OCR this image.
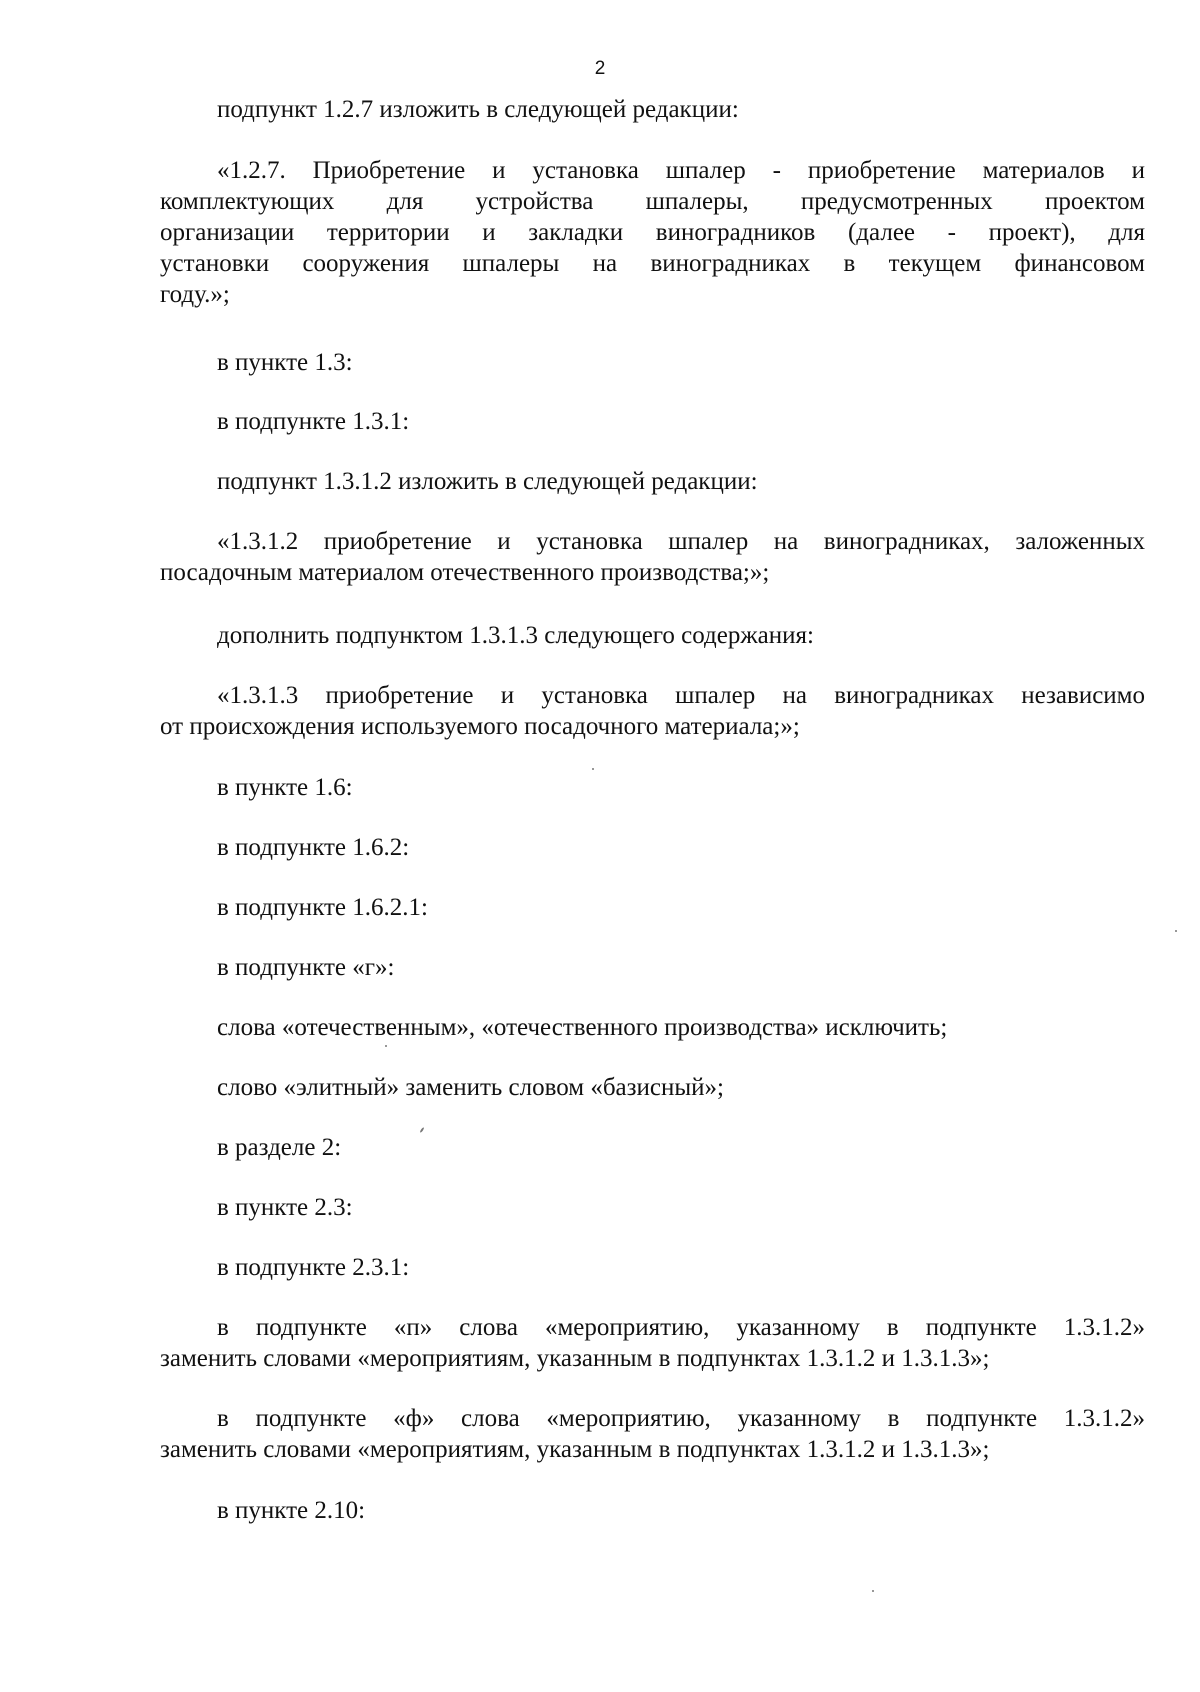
2
подпункт 1.2.7 изложить в следующей редакции:
«1.2.7. Приобретение и установка шпалер - приобретение материалов и
комплектующих для устройства шпалеры, предусмотренных проектом
организации территории и закладки виноградников (далее - проект), для
установки сооружения шпалеры на виноградниках в текущем финансовом
году.»;
в пункте 1.3:
в подпункте 1.3.1:
подпункт 1.3.1.2 изложить в следующей редакции:
«1.3.1.2 приобретение и установка шпалер на виноградниках, заложенных
посадочным материалом отечественного производства;»;
дополнить подпунктом 1.3.1.3 следующего содержания:
«1.3.1.3 приобретение и установка шпалер на виноградниках независимо
от происхождения используемого посадочного материала;»;
в пункте 1.6:
в подпункте 1.6.2:
в подпункте 1.6.2.1:
в подпункте «г»:
слова «отечественным», «отечественного производства» исключить;
слово «элитный» заменить словом «базисный»;
в разделе 2:
в пункте 2.3:
в подпункте 2.3.1:
в подпункте «п» слова «мероприятию, указанному в подпункте 1.3.1.2»
заменить словами «мероприятиям, указанным в подпунктах 1.3.1.2 и 1.3.1.3»;
в подпункте «ф» слова «мероприятию, указанному в подпункте 1.3.1.2»
заменить словами «мероприятиям, указанным в подпунктах 1.3.1.2 и 1.3.1.3»;
в пункте 2.10:
